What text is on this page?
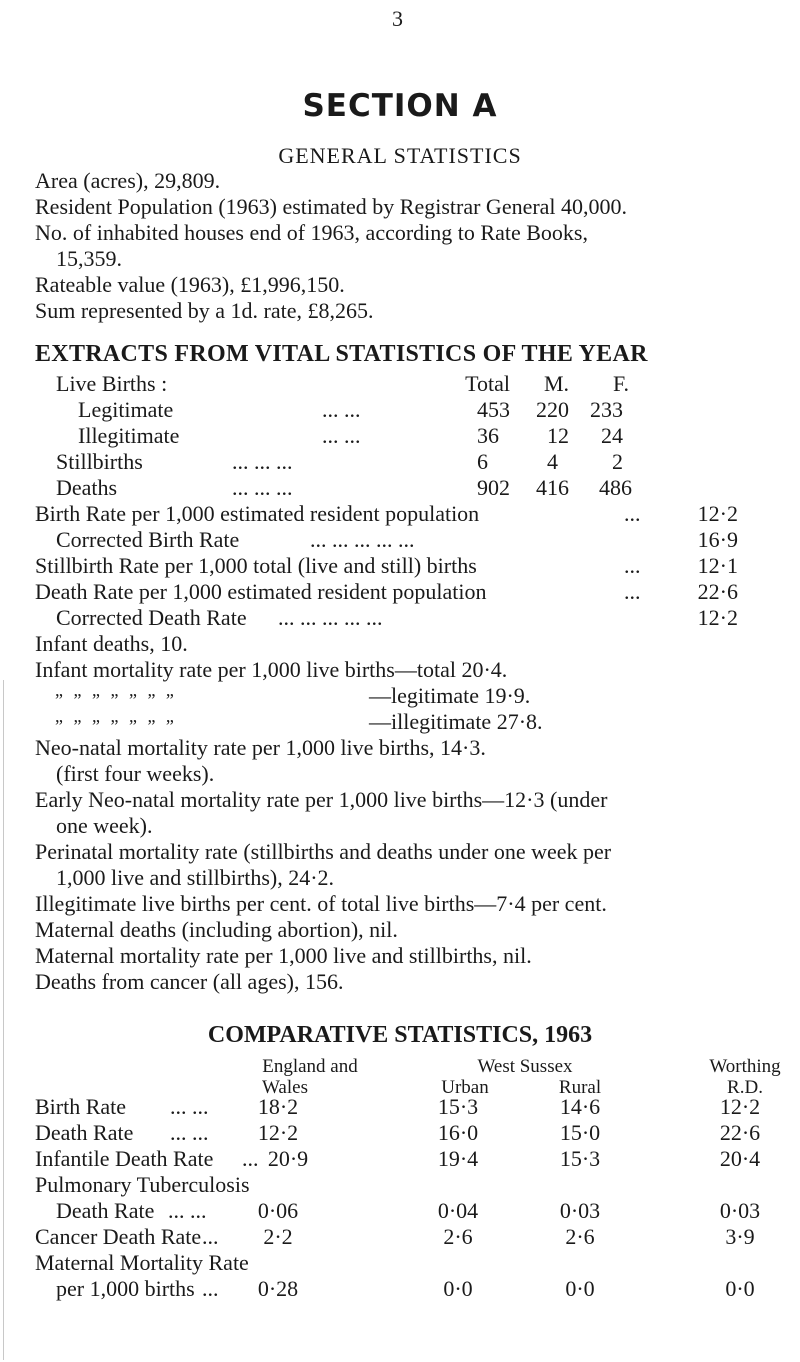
3
SECTION A
GENERAL STATISTICS
Area (acres), 29,809.
Resident Population (1963) estimated by Registrar General 40,000.
No. of inhabited houses end of 1963, according to Rate Books,
15,359.
Rateable value (1963), £1,996,150.
Sum represented by a 1d. rate, £8,265.
EXTRACTS FROM VITAL STATISTICS OF THE YEAR
Live Births :	Total	M.	F.
Legitimate	... ...	453	220 233
Illegitimate	... ...	36	12	24
Stillbirths	... ... ...	6	4	2
Deaths	... ... ...	902	416	486
Birth Rate per 1,000 estimated resident population	...	12·2
Corrected Birth Rate	... ... ... ... ...	16·9
Stillbirth Rate per 1,000 total (live and still) births	...	12·1
Death Rate per 1,000 estimated resident population	...	22·6
Corrected Death Rate ... ... ... ... ...	12·2
Infant deaths, 10.
Infant mortality rate per 1,000 live births—total 20·4.
„ „ „ „ „ „ „	—legitimate 19·9.
„ „ „ „ „ „ „	—illegitimate 27·8.
Neo-natal mortality rate per 1,000 live births, 14·3.
(first four weeks).
Early Neo-natal mortality rate per 1,000 live births—12·3 (under
one week).
Perinatal mortality rate (stillbirths and deaths under one week per
1,000 live and stillbirths), 24·2.
Illegitimate live births per cent. of total live births—7·4 per cent.
Maternal deaths (including abortion), nil.
Maternal mortality rate per 1,000 live and stillbirths, nil.
Deaths from cancer (all ages), 156.
COMPARATIVE STATISTICS, 1963
England and
Wales
West Sussex
Urban	Rural
Worthing
R.D.
Birth Rate ... ...	18·2	15·3	14·6	12·2
Death Rate ... ...	12·2	16·0	15·0	22·6
Infantile Death Rate ... 20·9	19·4	15·3	20·4
Pulmonary Tuberculosis
Death Rate ... ...	0·06	0·04	0·03	0·03
Cancer Death Rate ...	2·2	2·6	2·6	3·9
Maternal Mortality Rate
per 1,000 births ...	0·28	0·0	0·0	0·0
